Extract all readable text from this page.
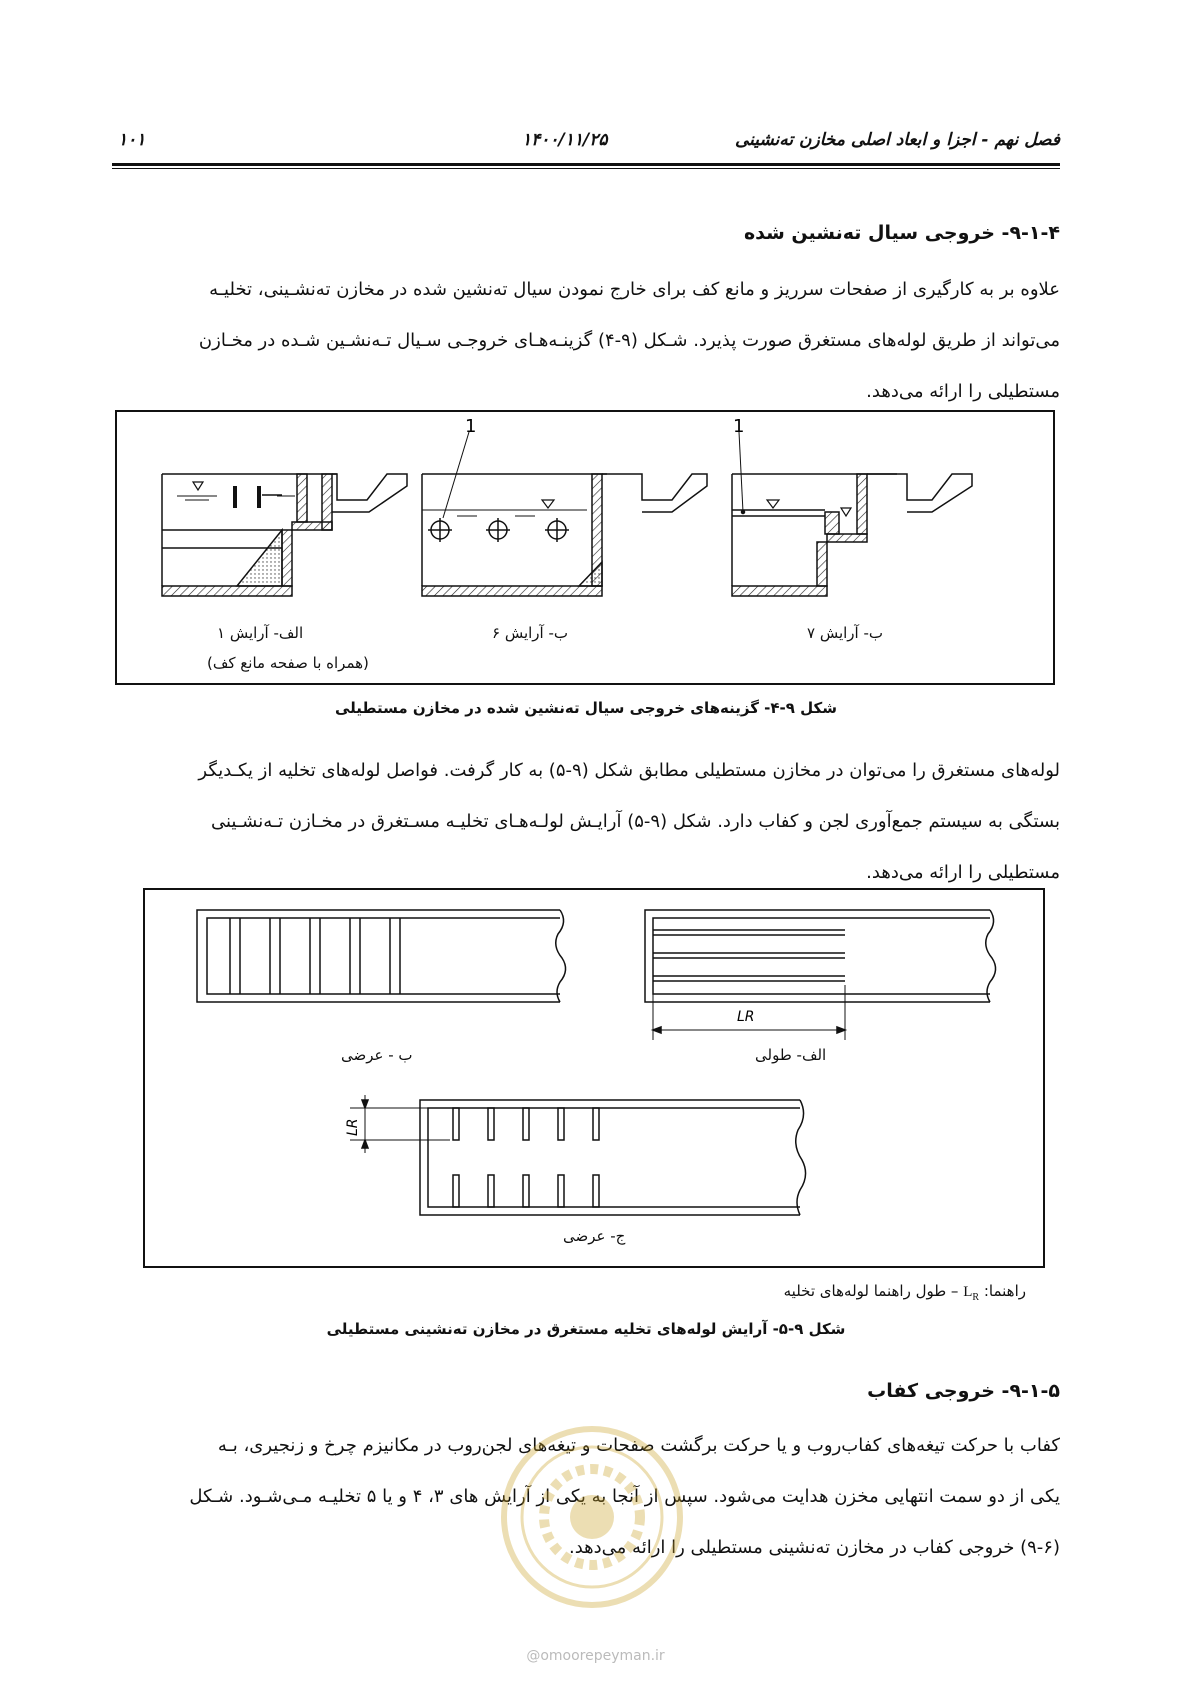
۱۰۱	۱۴۰۰/۱۱/۲۵	فصل نهم - اجزا و ابعاد اصلی مخازن ته‌نشینی
۹-۱-۴- خروجی سیال ته‌نشین شده
علاوه بر به کارگیری از صفحات سرریز و مانع کف برای خارج نمودن سیال ته‌نشین شده در مخازن ته‌نشـینی، تخلیـه
می‌تواند از طریق لوله‌های مستغرق صورت پذیرد. شـکل (۹-۴) گزینـه‌هـای خروجـی سـیال تـه‌نشـین شـده در مخـازن
مستطیلی را ارائه می‌دهد.
1	1
الف- آرایش ۱
(همراه با صفحه مانع کف)
ب- آرایش ۶	ب- آرایش ۷
شکل ۹-۴- گزینه‌های خروجی سیال ته‌نشین شده در مخازن مستطیلی
لوله‌های مستغرق را می‌توان در مخازن مستطیلی مطابق شکل (۹-۵) به کار گرفت. فواصل لوله‌های تخلیه از یکـدیگر
بستگی به سیستم جمع‌آوری لجن و کفاب دارد. شکل (۹-۵) آرایـش لولـه‌هـای تخلیـه مسـتغرق در مخـازن تـه‌نشـینی
مستطیلی را ارائه می‌دهد.
LR
LR
ب - عرضی	الف- طولی
ج- عرضی
راهنما: $L_R$ – طول راهنما لوله‌های تخلیه
شکل ۹-۵- آرایش لوله‌های تخلیه مستغرق در مخازن ته‌نشینی مستطیلی
۹-۱-۵- خروجی کفاب
کفاب با حرکت تیغه‌های کفاب‌روب و یا حرکت برگشت صفحات و تیغه‌های لجن‌روب در مکانیزم چرخ و زنجیری، بـه
یکی از دو سمت انتهایی مخزن هدایت می‌شود. سپس از آنجا به یکی از آرایش های ۳، ۴ و یا ۵ تخلیـه مـی‌شـود. شـکل
(۹-۶) خروجی کفاب در مخازن ته‌نشینی مستطیلی را ارائه می‌دهد.
@omoorepeyman.ir
